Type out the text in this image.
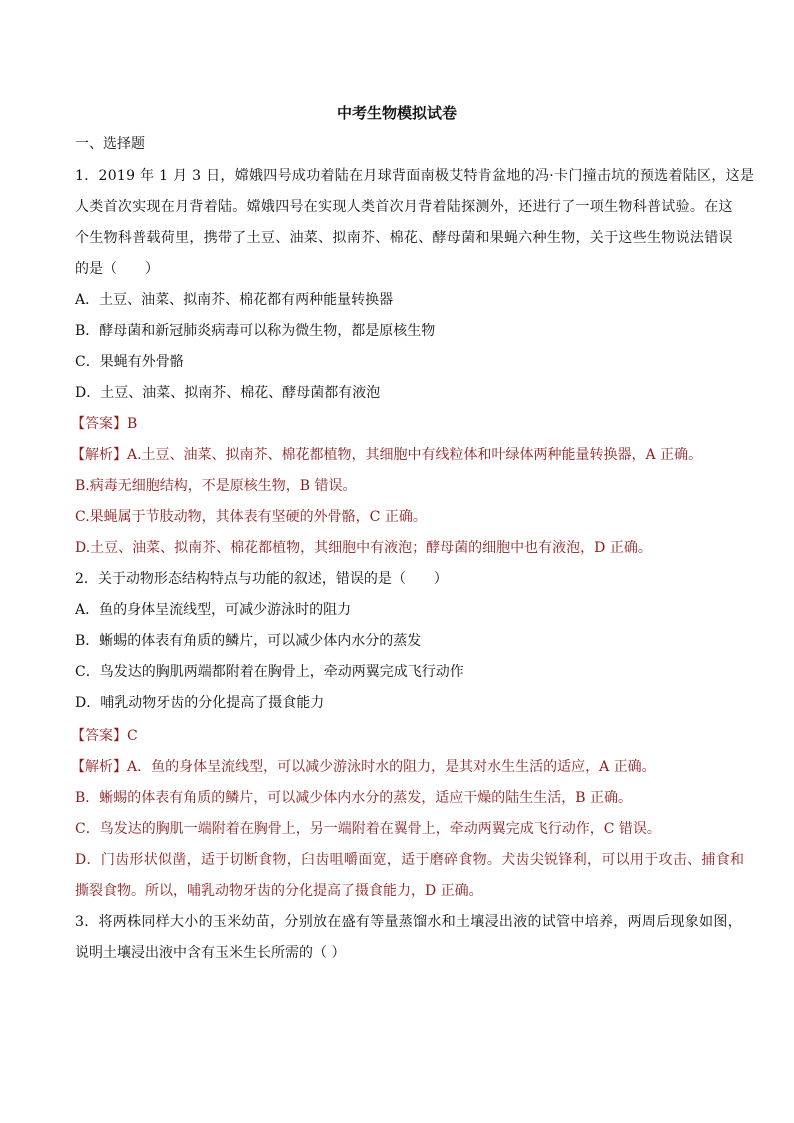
中考生物模拟试卷
一、选择题
1．2019 年 1 月 3 日，嫦娥四号成功着陆在月球背面南极艾特肯盆地的冯·卡门撞击坑的预选着陆区，这是
人类首次实现在月背着陆。嫦娥四号在实现人类首次月背着陆探测外，还进行了一项生物科普试验。在这
个生物科普载荷里，携带了土豆、油菜、拟南芥、棉花、酵母菌和果蝇六种生物，关于这些生物说法错误
的是（　　）
A．土豆、油菜、拟南芥、棉花都有两种能量转换器
B．酵母菌和新冠肺炎病毒可以称为微生物，都是原核生物
C．果蝇有外骨骼
D．土豆、油菜、拟南芥、棉花、酵母菌都有液泡
【答案】B
【解析】A.土豆、油菜、拟南芥、棉花都植物，其细胞中有线粒体和叶绿体两种能量转换器，A 正确。
B.病毒无细胞结构，不是原核生物，B 错误。
C.果蝇属于节肢动物，其体表有坚硬的外骨骼，C 正确。
D.土豆、油菜、拟南芥、棉花都植物，其细胞中有液泡；酵母菌的细胞中也有液泡，D 正确。
2．关于动物形态结构特点与功能的叙述，错误的是（　　）
A．鱼的身体呈流线型，可减少游泳时的阻力
B．蜥蜴的体表有角质的鳞片，可以减少体内水分的蒸发
C．鸟发达的胸肌两端都附着在胸骨上，牵动两翼完成飞行动作
D．哺乳动物牙齿的分化提高了摄食能力
【答案】C
【解析】A．鱼的身体呈流线型，可以减少游泳时水的阻力，是其对水生生活的适应，A 正确。
B．蜥蜴的体表有角质的鳞片，可以减少体内水分的蒸发，适应干燥的陆生生活，B 正确。
C．鸟发达的胸肌一端附着在胸骨上，另一端附着在翼骨上，牵动两翼完成飞行动作，C 错误。
D．门齿形状似凿，适于切断食物，臼齿咀嚼面宽，适于磨碎食物。犬齿尖锐锋利，可以用于攻击、捕食和
撕裂食物。所以，哺乳动物牙齿的分化提高了摄食能力，D 正确。
3．将两株同样大小的玉米幼苗，分别放在盛有等量蒸馏水和土壤浸出液的试管中培养，两周后现象如图，
说明土壤浸出液中含有玉米生长所需的（ ）
